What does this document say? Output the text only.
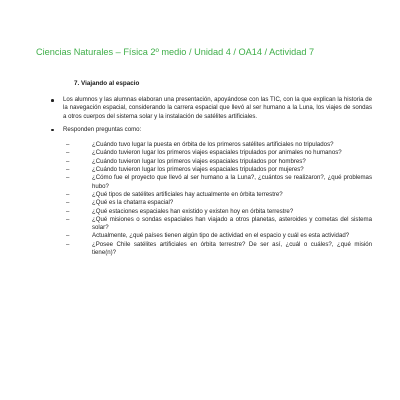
Ciencias Naturales – Física 2º medio / Unidad 4 / OA14 / Actividad 7
7. Viajando al espacio
Los alumnos y las alumnas elaboran una presentación, apoyándose con las TIC, con la que explican la historia de la navegación espacial, considerando la carrera espacial que llevó al ser humano a la Luna, los viajes de sondas a otros cuerpos del sistema solar y la instalación de satélites artificiales.
Responden preguntas como:
–	¿Cuándo tuvo lugar la puesta en órbita de los primeros satélites artificiales no tripulados?
–	¿Cuándo tuvieron lugar los primeros viajes espaciales tripulados por animales no humanos?
–	¿Cuándo tuvieron lugar los primeros viajes espaciales tripulados por hombres?
–	¿Cuándo tuvieron lugar los primeros viajes espaciales tripulados por mujeres?
–	¿Cómo fue el proyecto que llevó al ser humano a la Luna?, ¿cuántos se realizaron?, ¿qué problemas hubo?
–	¿Qué tipos de satélites artificiales hay actualmente en órbita terrestre?
–	¿Qué es la chatarra espacial?
–	¿Qué estaciones espaciales han existido y existen hoy en órbita terrestre?
–	¿Qué misiones o sondas espaciales han viajado a otros planetas, asteroides y cometas del sistema solar?
–	Actualmente, ¿qué países tienen algún tipo de actividad en el espacio y cuál es esta actividad?
–	¿Posee Chile satélites artificiales en órbita terrestre? De ser así, ¿cuál o cuáles?, ¿qué misión tiene(n)?
